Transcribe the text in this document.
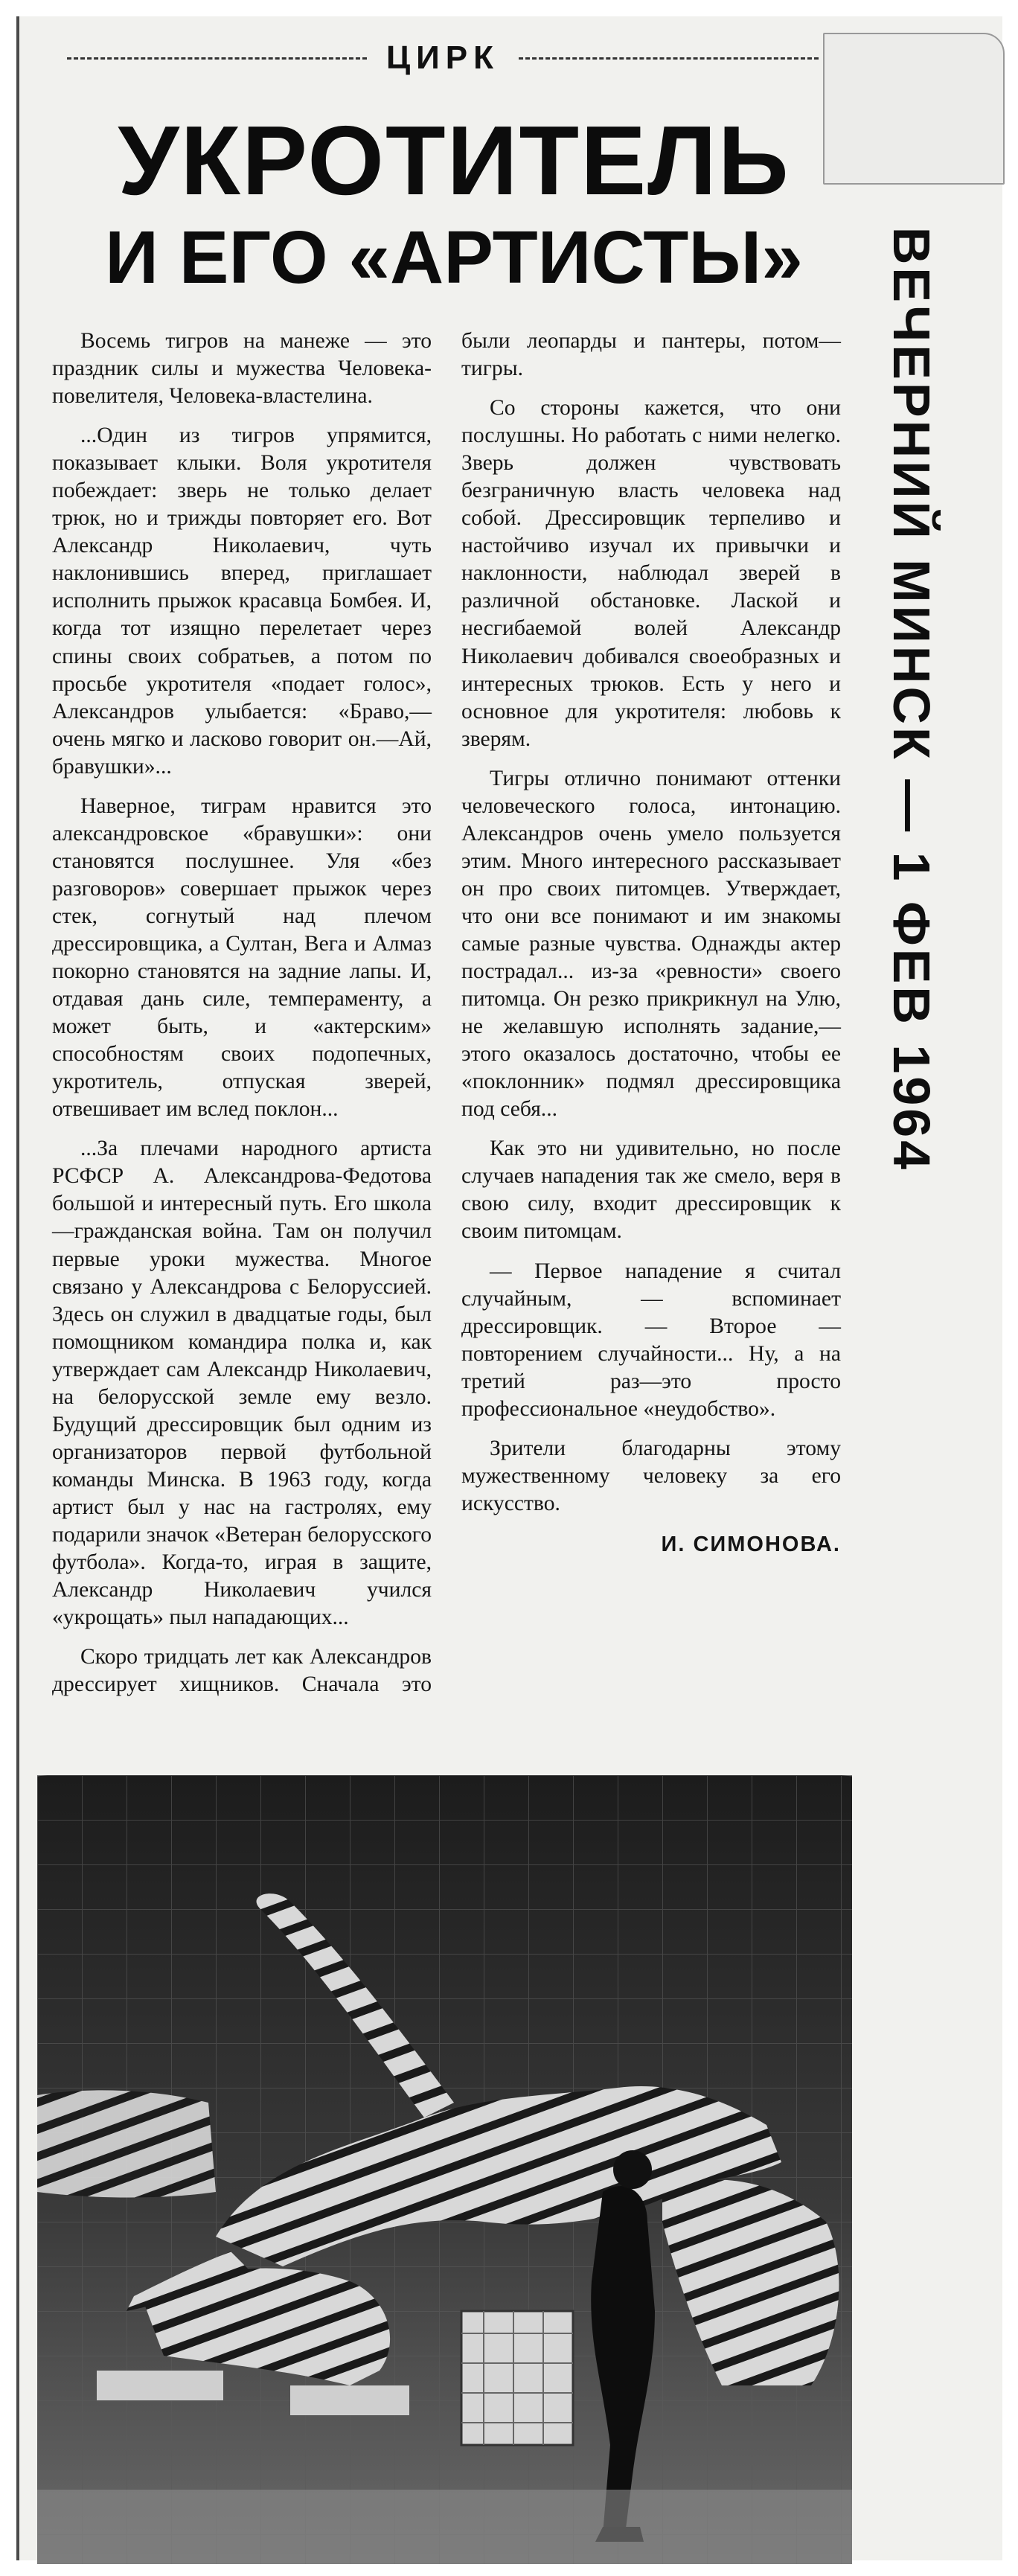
ЦИРК
УКРОТИТЕЛЬ
И ЕГО «АРТИСТЫ»

Восемь тигров на манеже — это праздник силы и мужества Человека-повелителя, Человека-властелина.

...Один из тигров упрямится, показывает клыки. Воля укротителя побеждает: зверь не только делает трюк, но и трижды повторяет его. Вот Александр Николаевич, чуть наклонившись вперед, приглашает исполнить прыжок красавца Бомбея. И, когда тот изящно перелетает через спины своих собратьев, а потом по просьбе укротителя «подает голос», Александров улыбается: «Браво,—очень мягко и ласково говорит он.—Ай, бравушки»...

Наверное, тиграм нравится это александровское «бравушки»: они становятся послушнее. Уля «без разговоров» совершает прыжок через стек, согнутый над плечом дрессировщика, а Султан, Вега и Алмаз покорно становятся на задние лапы. И, отдавая дань силе, темпераменту, а может быть, и «актерским» способностям своих подопечных, укротитель, отпуская зверей, отвешивает им вслед поклон...

...За плечами народного артиста РСФСР А. Александрова-Федотова большой и интересный путь. Его школа—гражданская война. Там он получил первые уроки мужества. Многое связано у Александрова с Белоруссией. Здесь он служил в двадцатые годы, был помощником командира полка и, как утверждает сам Александр Николаевич, на белорусской земле ему везло. Будущий дрессировщик был одним из организаторов первой футбольной команды Минска. В 1963 году, когда артист был у нас на гастролях, ему подарили значок «Ветеран белорусского футбола». Когда-то, играя в защите, Александр Николаевич учился «укрощать» пыл нападающих...

Скоро тридцать лет как Александров дрессирует хищников. Сначала это были леопарды и пантеры, потом—тигры.

Со стороны кажется, что они послушны. Но работать с ними нелегко. Зверь должен чувствовать безграничную власть человека над собой. Дрессировщик терпеливо и настойчиво изучал их привычки и наклонности, наблюдал зверей в различной обстановке. Лаской и несгибаемой волей Александр Николаевич добивался своеобразных и интересных трюков. Есть у него и основное для укротителя: любовь к зверям.

Тигры отлично понимают оттенки человеческого голоса, интонацию. Александров очень умело пользуется этим. Много интересного рассказывает он про своих питомцев. Утверждает, что они все понимают и им знакомы самые разные чувства. Однажды актер пострадал... из-за «ревности» своего питомца. Он резко прикрикнул на Улю, не желавшую исполнять задание,—этого оказалось достаточно, чтобы ее «поклонник» подмял дрессировщика под себя...

Как это ни удивительно, но после случаев нападения так же смело, веря в свою силу, входит дрессировщик к своим питомцам.

— Первое нападение я считал случайным, — вспоминает дрессировщик. — Второе — повторением случайности... Ну, а на третий раз—это просто профессиональное «неудобство».

Зрители благодарны этому мужественному человеку за его искусство.

И. СИМОНОВА.

ВЕЧЕРНИЙ МИНСК — 1 ФЕВ 1964
